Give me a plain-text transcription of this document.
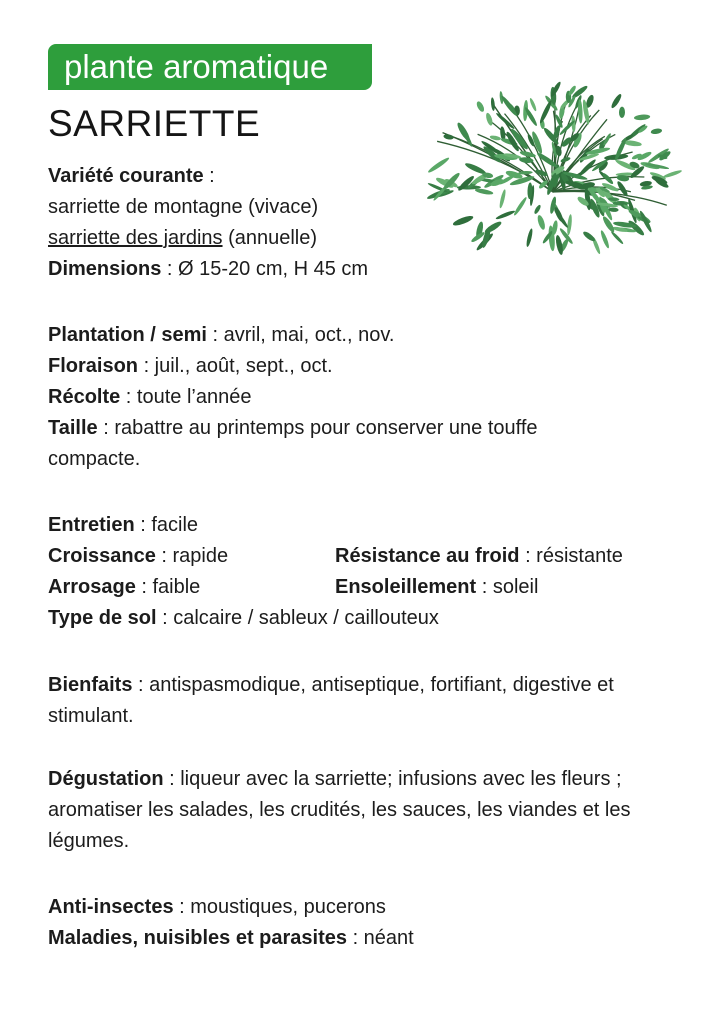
plante aromatique
SARRIETTE
Variété courante :
sarriette de montagne (vivace)
sarriette des jardins (annuelle)
Dimensions : Ø 15-20 cm, H 45 cm
Plantation / semi : avril, mai, oct., nov.
Floraison : juil., août, sept., oct.
Récolte : toute l’année
Taille : rabattre au printemps pour conserver une touffe compacte.
Entretien : facile
Croissance : rapide	Résistance au froid : résistante
Arrosage : faible	Ensoleillement : soleil
Type de sol : calcaire / sableux / caillouteux
Bienfaits : antispasmodique, antiseptique, fortifiant, digestive et stimulant.
Dégustation : liqueur avec la sarriette; infusions avec les fleurs ; aromatiser les salades, les crudités, les sauces, les viandes et les légumes.
Anti-insectes : moustiques, pucerons
Maladies, nuisibles et parasites : néant
